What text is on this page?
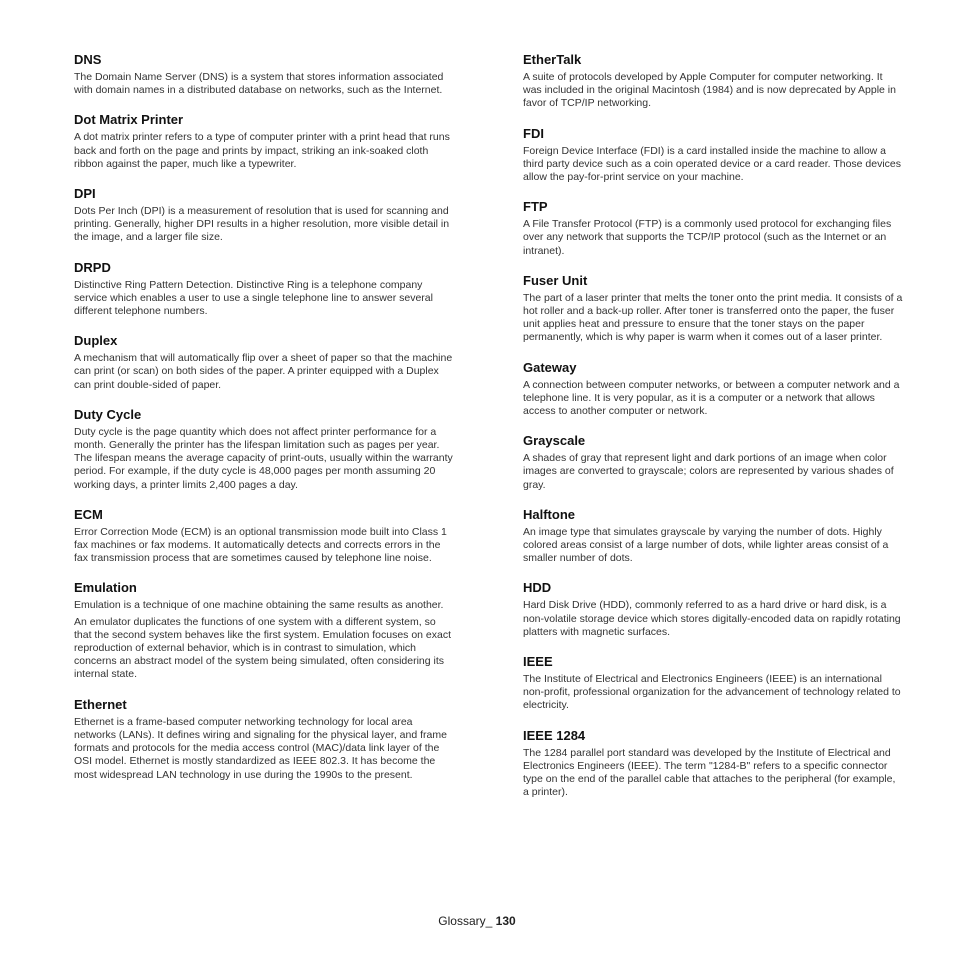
DNS
The Domain Name Server (DNS) is a system that stores information associated with domain names in a distributed database on networks, such as the Internet.
Dot Matrix Printer
A dot matrix printer refers to a type of computer printer with a print head that runs back and forth on the page and prints by impact, striking an ink-soaked cloth ribbon against the paper, much like a typewriter.
DPI
Dots Per Inch (DPI) is a measurement of resolution that is used for scanning and printing. Generally, higher DPI results in a higher resolution, more visible detail in the image, and a larger file size.
DRPD
Distinctive Ring Pattern Detection. Distinctive Ring is a telephone company service which enables a user to use a single telephone line to answer several different telephone numbers.
Duplex
A mechanism that will automatically flip over a sheet of paper so that the machine can print (or scan) on both sides of the paper. A printer equipped with a Duplex can print double-sided of paper.
Duty Cycle
Duty cycle is the page quantity which does not affect printer performance for a month. Generally the printer has the lifespan limitation such as pages per year. The lifespan means the average capacity of print-outs, usually within the warranty period. For example, if the duty cycle is 48,000 pages per month assuming 20 working days, a printer limits 2,400 pages a day.
ECM
Error Correction Mode (ECM) is an optional transmission mode built into Class 1 fax machines or fax modems. It automatically detects and corrects errors in the fax transmission process that are sometimes caused by telephone line noise.
Emulation
Emulation is a technique of one machine obtaining the same results as another.
An emulator duplicates the functions of one system with a different system, so that the second system behaves like the first system. Emulation focuses on exact reproduction of external behavior, which is in contrast to simulation, which concerns an abstract model of the system being simulated, often considering its internal state.
Ethernet
Ethernet is a frame-based computer networking technology for local area networks (LANs). It defines wiring and signaling for the physical layer, and frame formats and protocols for the media access control (MAC)/data link layer of the OSI model. Ethernet is mostly standardized as IEEE 802.3. It has become the most widespread LAN technology in use during the 1990s to the present.
EtherTalk
A suite of protocols developed by Apple Computer for computer networking. It was included in the original Macintosh (1984) and is now deprecated by Apple in favor of TCP/IP networking.
FDI
Foreign Device Interface (FDI) is a card installed inside the machine to allow a third party device such as a coin operated device or a card reader. Those devices allow the pay-for-print service on your machine.
FTP
A File Transfer Protocol (FTP) is a commonly used protocol for exchanging files over any network that supports the TCP/IP protocol (such as the Internet or an intranet).
Fuser Unit
The part of a laser printer that melts the toner onto the print media. It consists of a hot roller and a back-up roller. After toner is transferred onto the paper, the fuser unit applies heat and pressure to ensure that the toner stays on the paper permanently, which is why paper is warm when it comes out of a laser printer.
Gateway
A connection between computer networks, or between a computer network and a telephone line. It is very popular, as it is a computer or a network that allows access to another computer or network.
Grayscale
A shades of gray that represent light and dark portions of an image when color images are converted to grayscale; colors are represented by various shades of gray.
Halftone
An image type that simulates grayscale by varying the number of dots. Highly colored areas consist of a large number of dots, while lighter areas consist of a smaller number of dots.
HDD
Hard Disk Drive (HDD), commonly referred to as a hard drive or hard disk, is a non-volatile storage device which stores digitally-encoded data on rapidly rotating platters with magnetic surfaces.
IEEE
The Institute of Electrical and Electronics Engineers (IEEE) is an international non-profit, professional organization for the advancement of technology related to electricity.
IEEE 1284
The 1284 parallel port standard was developed by the Institute of Electrical and Electronics Engineers (IEEE). The term "1284-B" refers to a specific connector type on the end of the parallel cable that attaches to the peripheral (for example, a printer).
Glossary_ 130
